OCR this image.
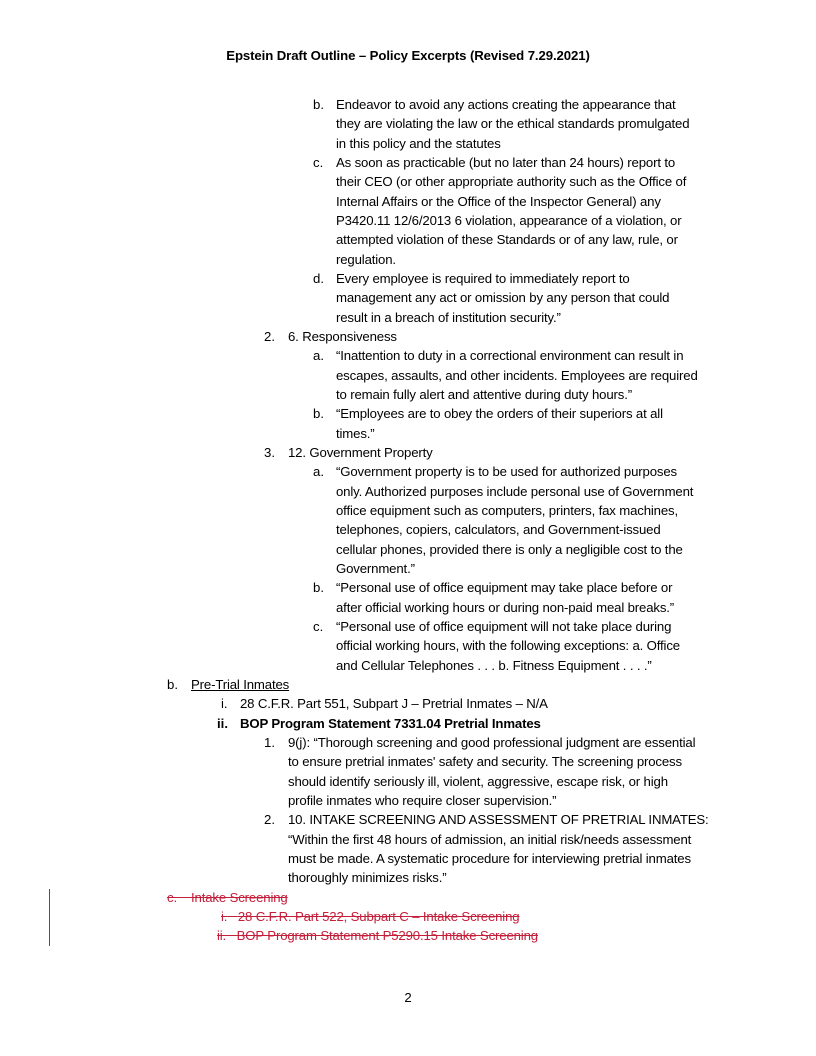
Epstein Draft Outline – Policy Excerpts (Revised 7.29.2021)
b. Endeavor to avoid any actions creating the appearance that
they are violating the law or the ethical standards promulgated
in this policy and the statutes
c. As soon as practicable (but no later than 24 hours) report to
their CEO (or other appropriate authority such as the Office of
Internal Affairs or the Office of the Inspector General) any
P3420.11 12/6/2013 6 violation, appearance of a violation, or
attempted violation of these Standards or of any law, rule, or
regulation.
d. Every employee is required to immediately report to
management any act or omission by any person that could
result in a breach of institution security.”
2. 6. Responsiveness
a. “Inattention to duty in a correctional environment can result in
escapes, assaults, and other incidents. Employees are required
to remain fully alert and attentive during duty hours.”
b. “Employees are to obey the orders of their superiors at all
times.”
3. 12. Government Property
a. “Government property is to be used for authorized purposes
only. Authorized purposes include personal use of Government
office equipment such as computers, printers, fax machines,
telephones, copiers, calculators, and Government-issued
cellular phones, provided there is only a negligible cost to the
Government.”
b. “Personal use of office equipment may take place before or
after official working hours or during non-paid meal breaks.”
c. “Personal use of office equipment will not take place during
official working hours, with the following exceptions: a. Office
and Cellular Telephones . . . b. Fitness Equipment . . . .”
b. Pre-Trial Inmates
i. 28 C.F.R. Part 551, Subpart J – Pretrial Inmates – N/A
ii. BOP Program Statement 7331.04 Pretrial Inmates
1. 9(j): “Thorough screening and good professional judgment are essential
to ensure pretrial inmates' safety and security. The screening process
should identify seriously ill, violent, aggressive, escape risk, or high
profile inmates who require closer supervision.”
2. 10. INTAKE SCREENING AND ASSESSMENT OF PRETRIAL INMATES:
“Within the first 48 hours of admission, an initial risk/needs assessment
must be made. A systematic procedure for interviewing pretrial inmates
thoroughly minimizes risks.”
c. Intake Screening
i. 28 C.F.R. Part 522, Subpart C – Intake Screening
ii. BOP Program Statement P5290.15 Intake Screening
2
